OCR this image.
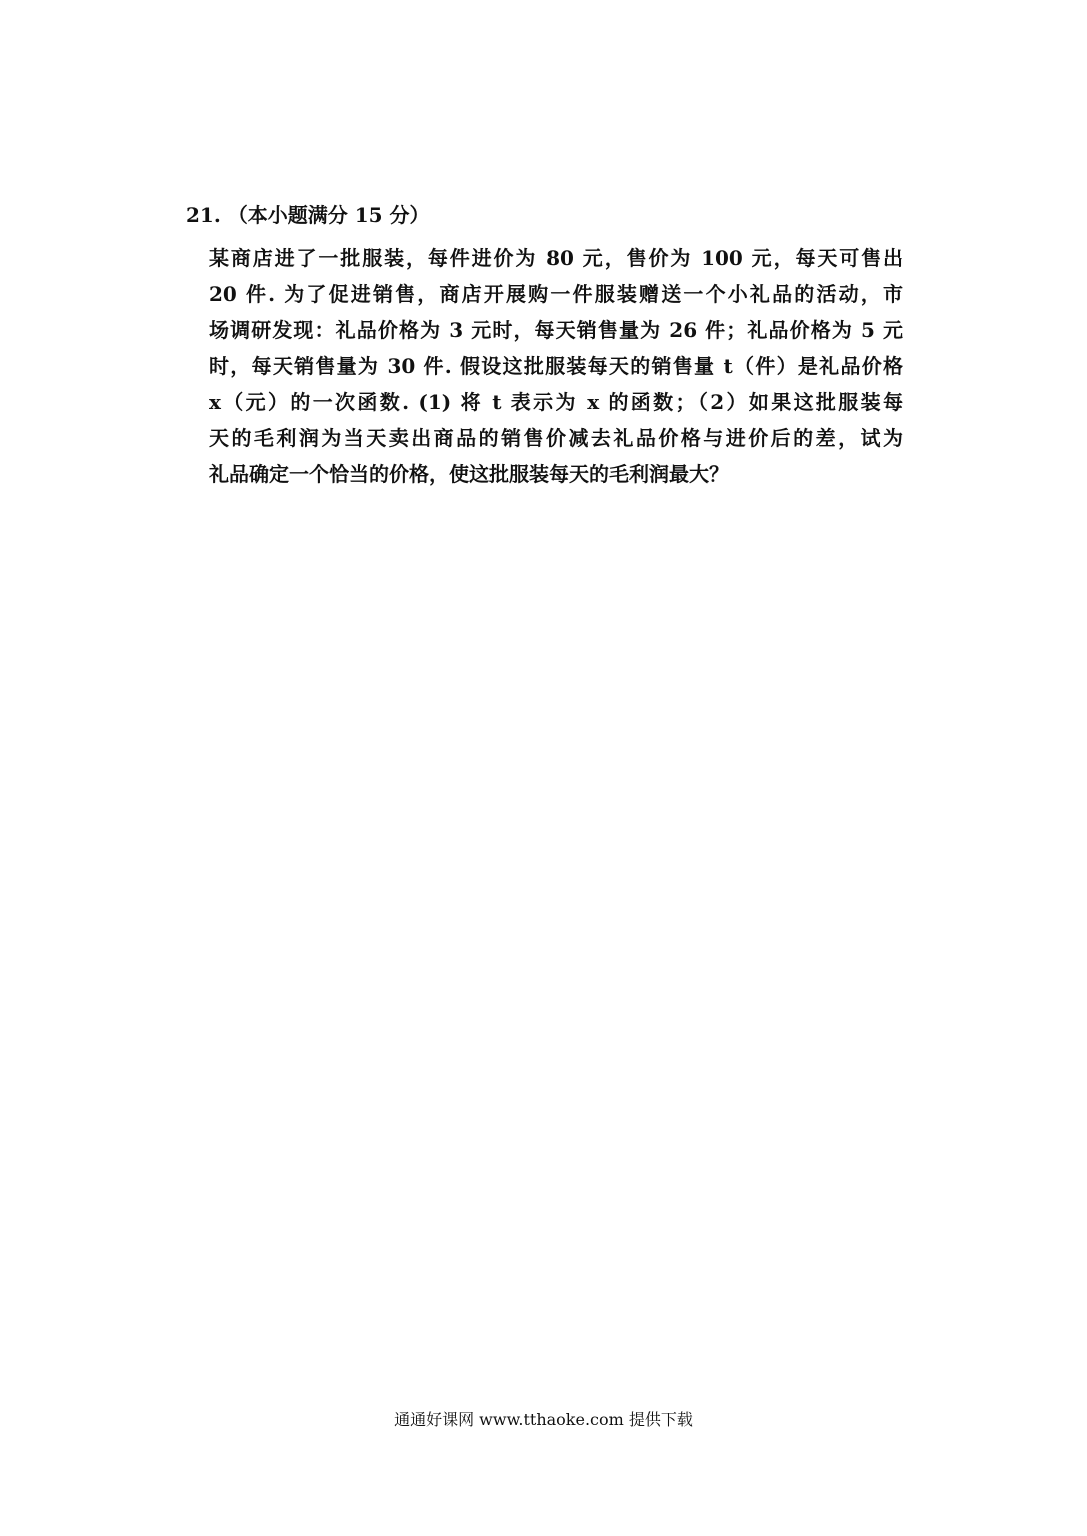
21. （本小题满分 15 分）
某商店进了一批服装，每件进价为 80 元，售价为 100 元，每天可售出
20 件. 为了促进销售，商店开展购一件服装赠送一个小礼品的活动，市
场调研发现：礼品价格为 3 元时，每天销售量为 26 件；礼品价格为 5 元
时，每天销售量为 30 件. 假设这批服装每天的销售量 t（件）是礼品价格
x（元）的一次函数. (1) 将 t 表示为 x 的函数；（2）如果这批服装每
天的毛利润为当天卖出商品的销售价减去礼品价格与进价后的差，试为
礼品确定一个恰当的价格，使这批服装每天的毛利润最大？
通通好课网 www.tthaoke.com 提供下载
